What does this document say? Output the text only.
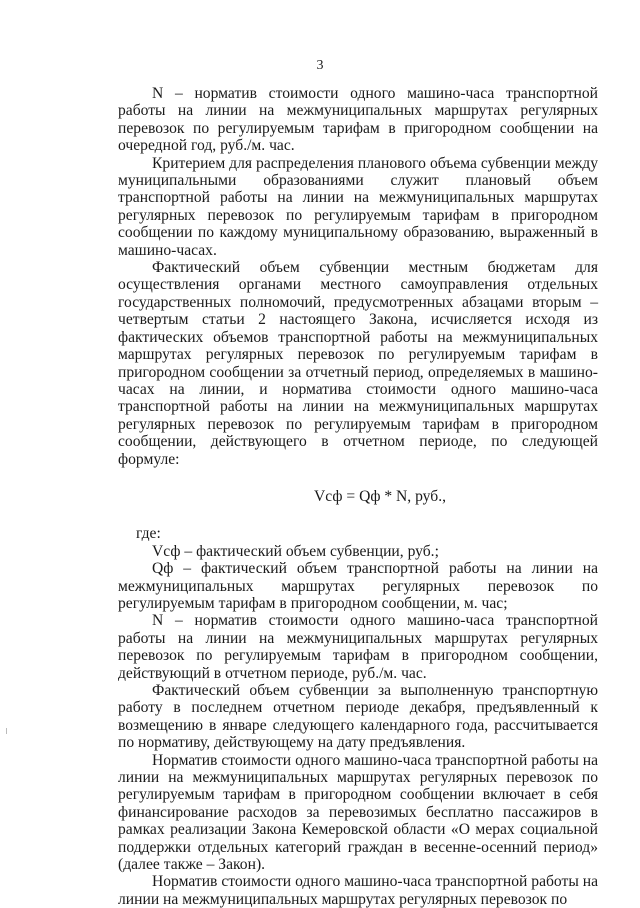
3

N – норматив стоимости одного машино-часа транспортной работы на линии на межмуниципальных маршрутах регулярных перевозок по регулируемым тарифам в пригородном сообщении на очередной год, руб./м. час.

Критерием для распределения планового объема субвенции между муниципальными образованиями служит плановый объем транспортной работы на линии на межмуниципальных маршрутах регулярных перевозок по регулируемым тарифам в пригородном сообщении по каждому муниципальному образованию, выраженный в машино-часах.

Фактический объем субвенции местным бюджетам для осуществления органами местного самоуправления отдельных государственных полномочий, предусмотренных абзацами вторым – четвертым статьи 2 настоящего Закона, исчисляется исходя из фактических объемов транспортной работы на межмуниципальных маршрутах регулярных перевозок по регулируемым тарифам в пригородном сообщении за отчетный период, определяемых в машино-часах на линии, и норматива стоимости одного машино-часа транспортной работы на линии на межмуниципальных маршрутах регулярных перевозок по регулируемым тарифам в пригородном сообщении, действующего в отчетном периоде, по следующей формуле:

Vсф = Qф * N, руб.,

где:

Vсф – фактический объем субвенции, руб.;

Qф – фактический объем транспортной работы на линии на межмуниципальных маршрутах регулярных перевозок по регулируемым тарифам в пригородном сообщении, м. час;

N – норматив стоимости одного машино-часа транспортной работы на линии на межмуниципальных маршрутах регулярных перевозок по регулируемым тарифам в пригородном сообщении, действующий в отчетном периоде, руб./м. час.

Фактический объем субвенции за выполненную транспортную работу в последнем отчетном периоде декабря, предъявленный к возмещению в январе следующего календарного года, рассчитывается по нормативу, действующему на дату предъявления.

Норматив стоимости одного машино-часа транспортной работы на линии на межмуниципальных маршрутах регулярных перевозок по регулируемым тарифам в пригородном сообщении включает в себя финансирование расходов за перевозимых бесплатно пассажиров в рамках реализации Закона Кемеровской области «О мерах социальной поддержки отдельных категорий граждан в весенне-осенний период» (далее также – Закон).

Норматив стоимости одного машино-часа транспортной работы на линии на межмуниципальных маршрутах регулярных перевозок по
